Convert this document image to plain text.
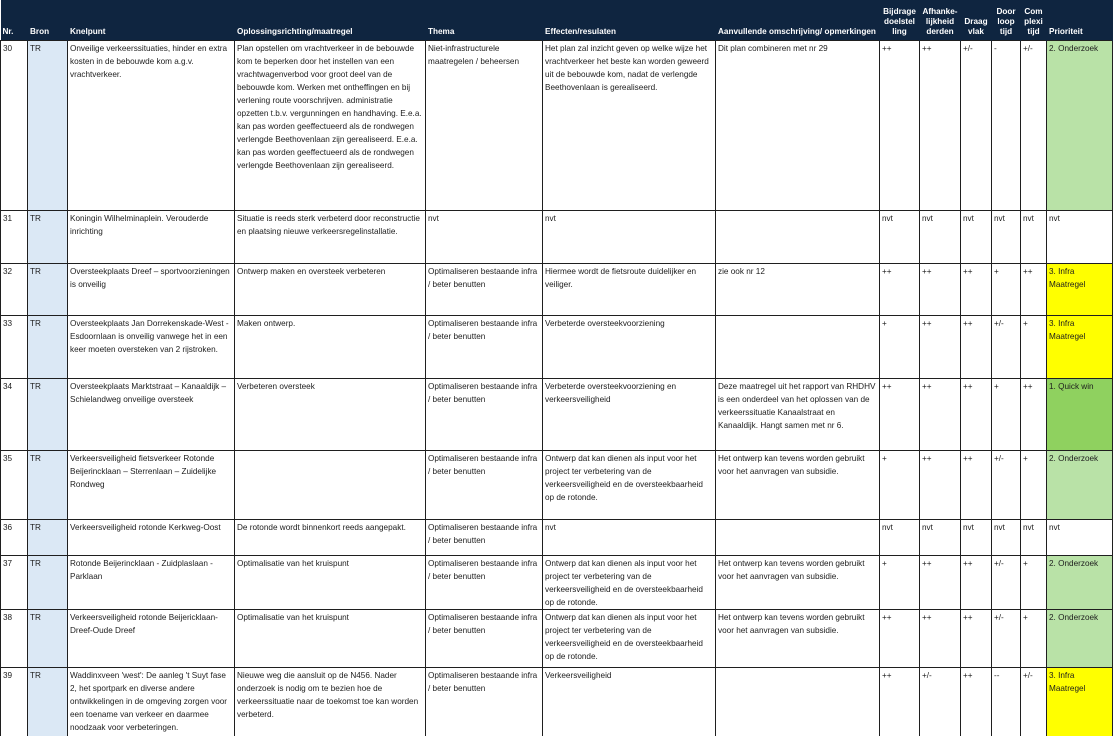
Nr.	Bron	Knelpunt	Oplossingsrichting/maatregel	Thema	Effecten/resulaten	Aanvullende omschrijving/ opmerkingen	Bijdrage doelstel ling	Afhanke- lijkheid derden	Draag vlak	Door loop tijd	Com plexi tijd	Prioriteit
30	TR	Onveilige verkeerssituaties, hinder en extra kosten in de bebouwde kom a.g.v. vrachtverkeer.	Plan opstellen om vrachtverkeer in de bebouwde kom te beperken door het instellen van een vrachtwagenverbod voor groot deel van de bebouwde kom. Werken met ontheffingen en bij verlening route voorschrijven. administratie opzetten t.b.v. vergunningen en handhaving. E.e.a. kan pas worden geeffectueerd als de rondwegen verlengde Beethovenlaan zijn gerealiseerd. E.e.a. kan pas worden geeffectueerd als de rondwegen verlengde Beethovenlaan zijn gerealiseerd.	Niet-infrastructurele maatregelen / beheersen	Het plan zal inzicht geven op welke wijze het vrachtverkeer het beste kan worden geweerd uit de bebouwde kom, nadat de verlengde Beethovenlaan is gerealiseerd.	Dit plan combineren met nr 29	++	++	+/-	-	+/-	2. Onderzoek
31	TR	Koningin Wilhelminaplein. Verouderde inrichting	Situatie is reeds sterk verbeterd door reconstructie en plaatsing nieuwe verkeersregelinstallatie.	nvt	nvt		nvt	nvt	nvt	nvt	nvt	nvt
32	TR	Oversteekplaats Dreef – sportvoorzieningen is onveilig	Ontwerp maken en oversteek verbeteren	Optimaliseren bestaande infra / beter benutten	Hiermee wordt de fietsroute duidelijker en veiliger.	zie ook nr 12	++	++	++	+	++	3. Infra Maatregel
33	TR	Oversteekplaats Jan Dorrekenskade-West - Esdoornlaan is onveilig vanwege het in een keer moeten oversteken van 2 rijstroken.	Maken ontwerp.	Optimaliseren bestaande infra / beter benutten	Verbeterde oversteekvoorziening		+	++	++	+/-	+	3. Infra Maatregel
34	TR	Oversteekplaats Marktstraat – Kanaaldijk – Schielandweg onveilige oversteek	Verbeteren oversteek	Optimaliseren bestaande infra / beter benutten	Verbeterde oversteekvoorziening en verkeersveiligheid	Deze maatregel uit het rapport van RHDHV is een onderdeel van het oplossen van de verkeerssituatie Kanaalstraat en Kanaaldijk. Hangt samen met nr 6.	++	++	++	+	++	1. Quick win
35	TR	Verkeersveiligheid fietsverkeer Rotonde Beijerincklaan – Sterrenlaan – Zuidelijke Rondweg		Optimaliseren bestaande infra / beter benutten	Ontwerp dat kan dienen als input voor het project ter verbetering van de verkeersveiligheid en de oversteekbaarheid op de rotonde.	Het ontwerp kan tevens worden gebruikt voor het aanvragen van subsidie.	+	++	++	+/-	+	2. Onderzoek
36	TR	Verkeersveiligheid rotonde Kerkweg-Oost	De rotonde wordt binnenkort reeds aangepakt.	Optimaliseren bestaande infra / beter benutten	nvt		nvt	nvt	nvt	nvt	nvt	nvt
37	TR	Rotonde Beijerincklaan - Zuidplaslaan - Parklaan	Optimalisatie van het kruispunt	Optimaliseren bestaande infra / beter benutten	Ontwerp dat kan dienen als input voor het project ter verbetering van de verkeersveiligheid en de oversteekbaarheid op de rotonde.	Het ontwerp kan tevens worden gebruikt voor het aanvragen van subsidie.	+	++	++	+/-	+	2. Onderzoek
38	TR	Verkeersveiligheid rotonde Beijericklaan-Dreef-Oude Dreef	Optimalisatie van het kruispunt	Optimaliseren bestaande infra / beter benutten	Ontwerp dat kan dienen als input voor het project ter verbetering van de verkeersveiligheid en de oversteekbaarheid op de rotonde.	Het ontwerp kan tevens worden gebruikt voor het aanvragen van subsidie.	++	++	++	+/-	+	2. Onderzoek
39	TR	Waddinxveen 'west': De aanleg 't Suyt fase 2, het sportpark en diverse andere ontwikkelingen in de omgeving zorgen voor een toename van verkeer en daarmee noodzaak voor verbeteringen.	Nieuwe weg die aansluit op de N456. Nader onderzoek is nodig om te bezien hoe de verkeerssituatie naar de toekomst toe kan worden verbeterd.	Optimaliseren bestaande infra / beter benutten	Verkeersveiligheid		++	+/-	++	--	+/-	3. Infra Maatregel
